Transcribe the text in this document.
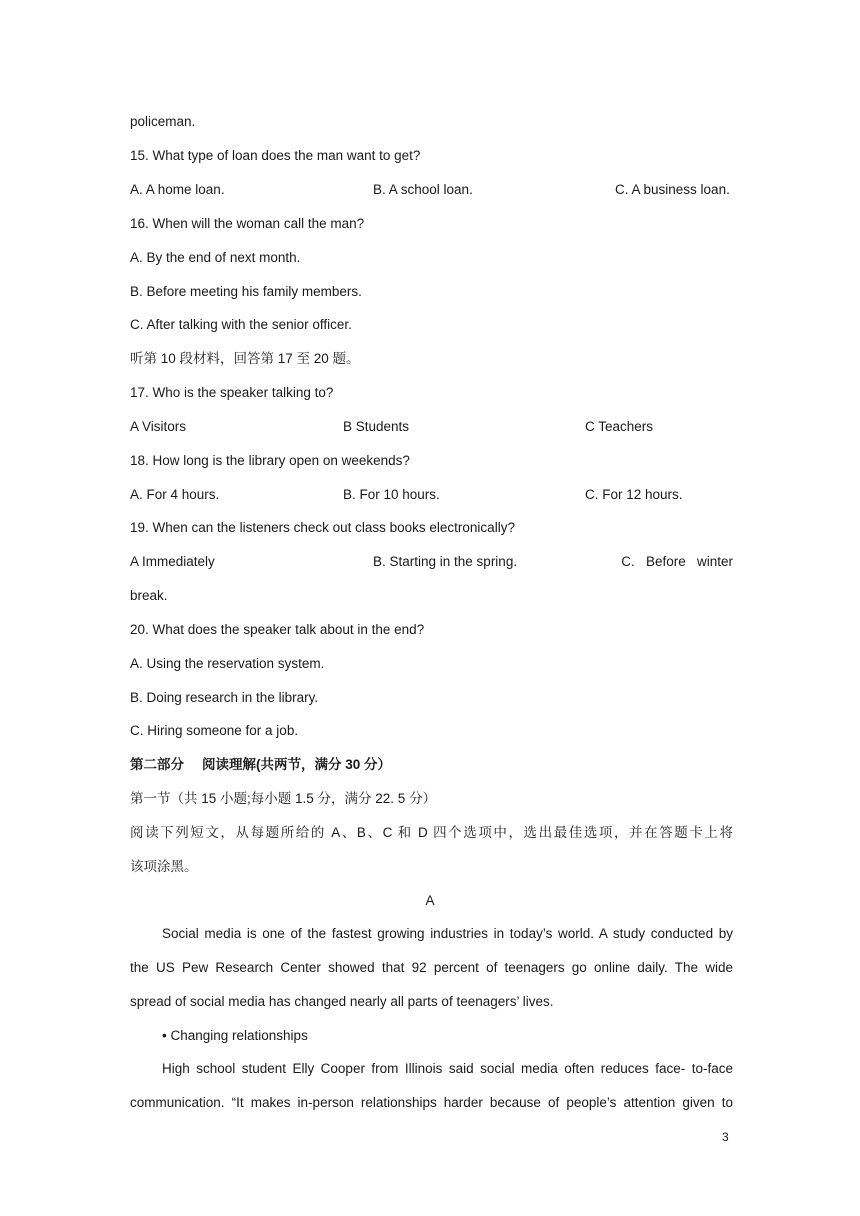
policeman.
15. What type of loan does the man want to get?
A. A home loan.	B. A school loan.	C. A business loan.
16. When will the woman call the man?
A. By the end of next month.
B. Before meeting his family members.
C. After talking with the senior officer.
听第 10 段材料，回答第 17 至 20 题。
17. Who is the speaker talking to?
A Visitors	B Students	C Teachers
18. How long is the library open on weekends?
A. For 4 hours.	B. For 10 hours.	C. For 12 hours.
19. When can the listeners check out class books electronically?
A Immediately	B. Starting in the spring.	C.   Before   winter
break.
20. What does the speaker talk about in the end?
A. Using the reservation system.
B. Doing research in the library.
C. Hiring someone for a job.
第二部分 阅读理解(共两节，满分 30 分）
第一节（共 15 小题;每小题 1.5 分，满分 22. 5 分）
阅读下列短文，从每题所给的 A、B、C 和 D 四个选项中，选出最佳选项，并在答题卡上将
该项涂黑。
A
Social media is one of the fastest growing industries in today’s world. A study conducted by
the US Pew Research Center showed that 92 percent of teenagers go online daily. The wide
spread of social media has changed nearly all parts of teenagers’ lives.
• Changing relationships
High school student Elly Cooper from Illinois said social media often reduces face- to-face
communication. “It makes in-person relationships harder because of people’s attention given to
3
